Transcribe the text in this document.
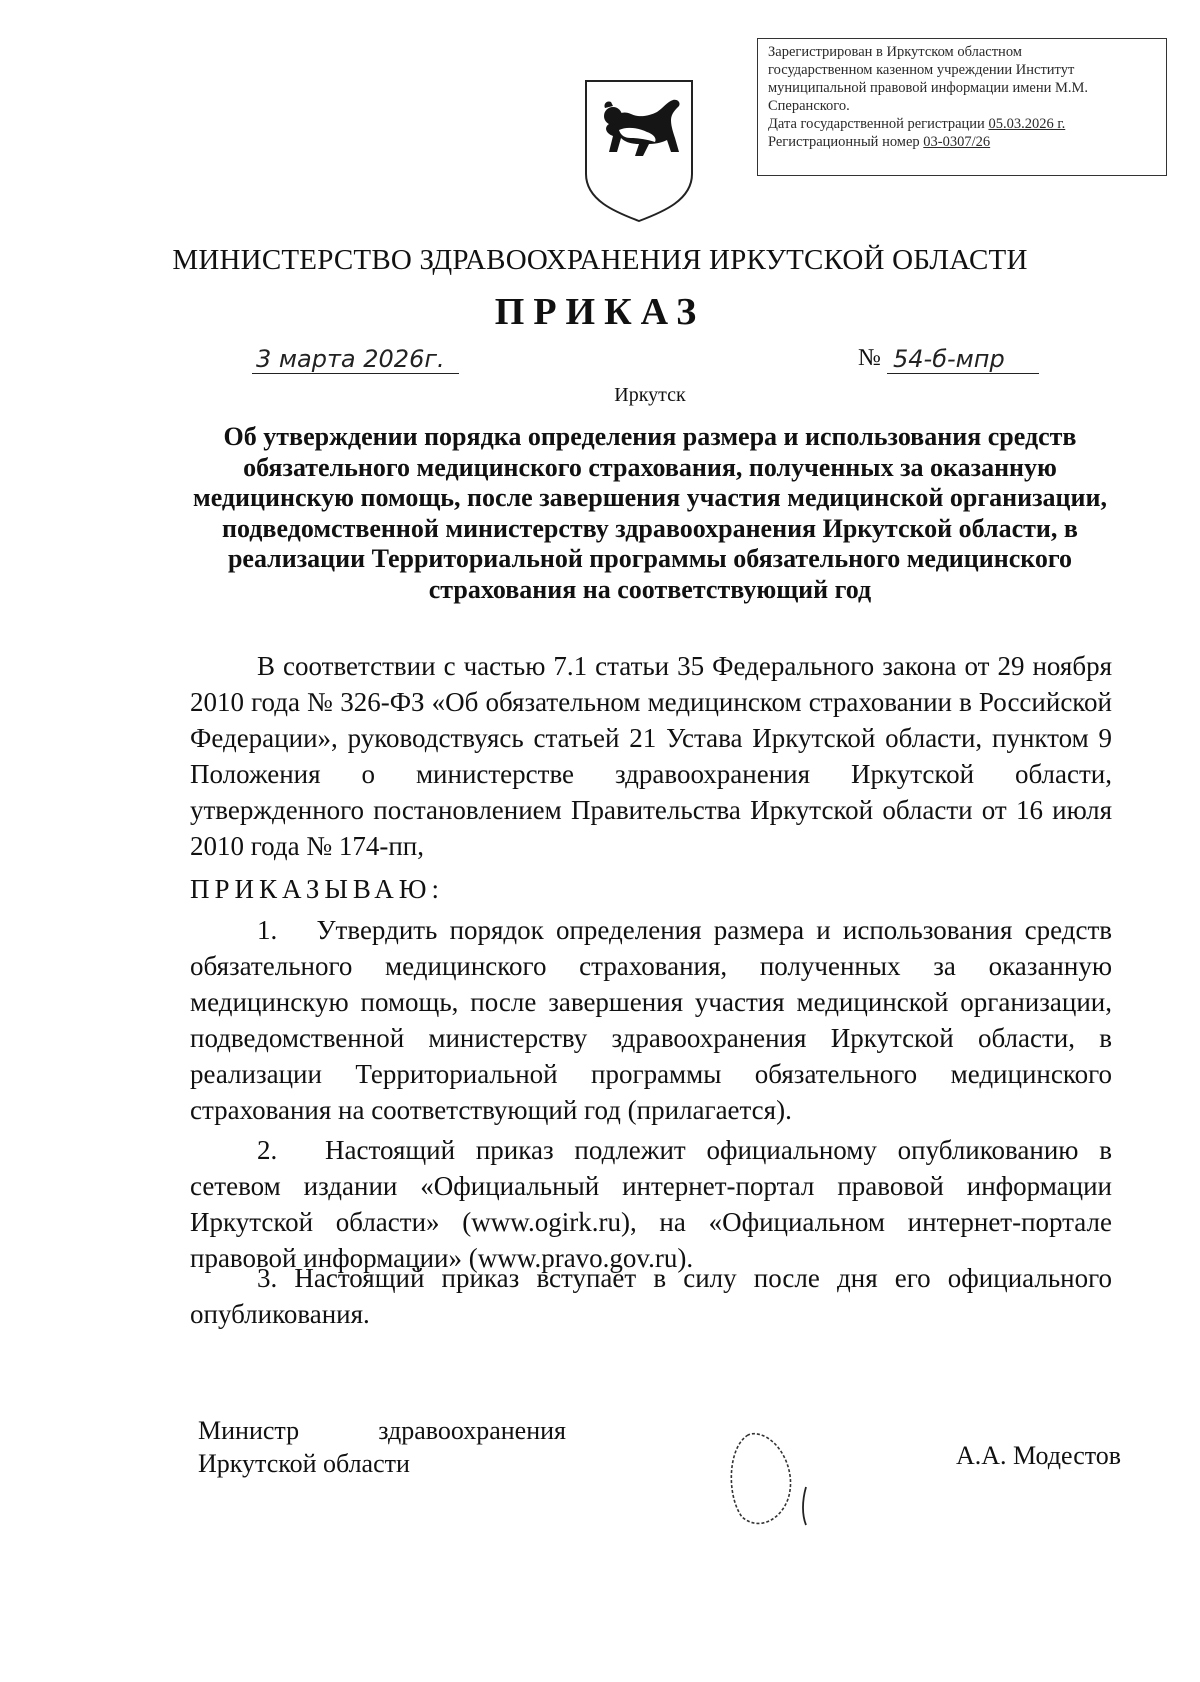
Зарегистрирован в Иркутском областном
государственном казенном учреждении Институт
муниципальной правовой информации имени М.М.
Сперанского.
Дата государственной регистрации 05.03.2026 г.
Регистрационный номер 03-0307/26
МИНИСТЕРСТВО ЗДРАВООХРАНЕНИЯ ИРКУТСКОЙ ОБЛАСТИ
ПРИКАЗ
3 марта 2026г.	№ 54-б-мпр
Иркутск
Об утверждении порядка определения размера и использования средств обязательного медицинского страхования, полученных за оказанную медицинскую помощь, после завершения участия медицинской организации, подведомственной министерству здравоохранения Иркутской области, в реализации Территориальной программы обязательного медицинского страхования на соответствующий год
В соответствии с частью 7.1 статьи 35 Федерального закона от 29 ноября 2010 года № 326-ФЗ «Об обязательном медицинском страховании в Российской Федерации», руководствуясь статьей 21 Устава Иркутской области, пунктом 9 Положения о министерстве здравоохранения Иркутской области, утвержденного постановлением Правительства Иркутской области от 16 июля 2010 года № 174-пп,
ПРИКАЗЫВАЮ:
1.  Утвердить порядок определения размера и использования средств обязательного медицинского страхования, полученных за оказанную медицинскую помощь, после завершения участия медицинской организации, подведомственной министерству здравоохранения Иркутской области, в реализации Территориальной программы обязательного медицинского страхования на соответствующий год (прилагается).
2.  Настоящий приказ подлежит официальному опубликованию в сетевом издании «Официальный интернет-портал правовой информации Иркутской области» (www.ogirk.ru), на «Официальном интернет-портале правовой информации» (www.pravo.gov.ru).
3. Настоящий приказ вступает в силу после дня его официального опубликования.
Министр	здравоохранения
Иркутской области	А.А. Модестов
